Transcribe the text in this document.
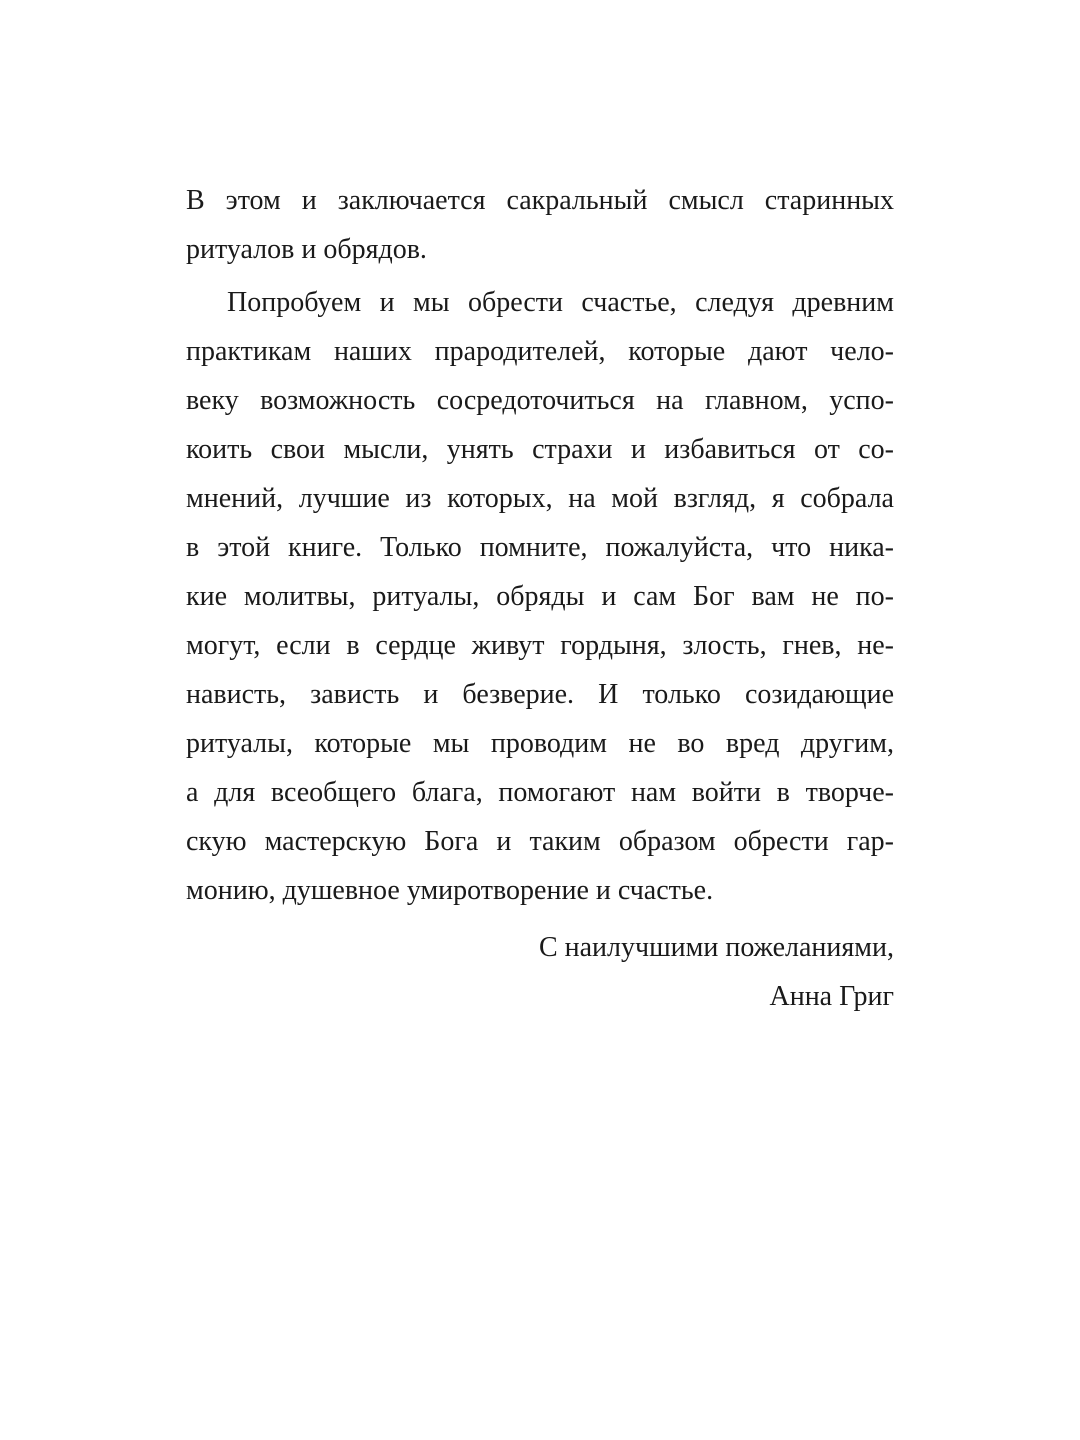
В этом и заключается сакральный смысл старинных
ритуалов и обрядов.
Попробуем и мы обрести счастье, следуя древним
практикам наших прародителей, которые дают чело-
веку возможность сосредоточиться на главном, успо-
коить свои мысли, унять страхи и избавиться от со-
мнений, лучшие из которых, на мой взгляд, я собрала
в этой книге. Только помните, пожалуйста, что ника-
кие молитвы, ритуалы, обряды и сам Бог вам не по-
могут, если в сердце живут гордыня, злость, гнев, не-
нависть, зависть и безверие. И только созидающие
ритуалы, которые мы проводим не во вред другим,
а для всеобщего блага, помогают нам войти в творче-
скую мастерскую Бога и таким образом обрести гар-
монию, душевное умиротворение и счастье.
С наилучшими пожеланиями,
Анна Григ
